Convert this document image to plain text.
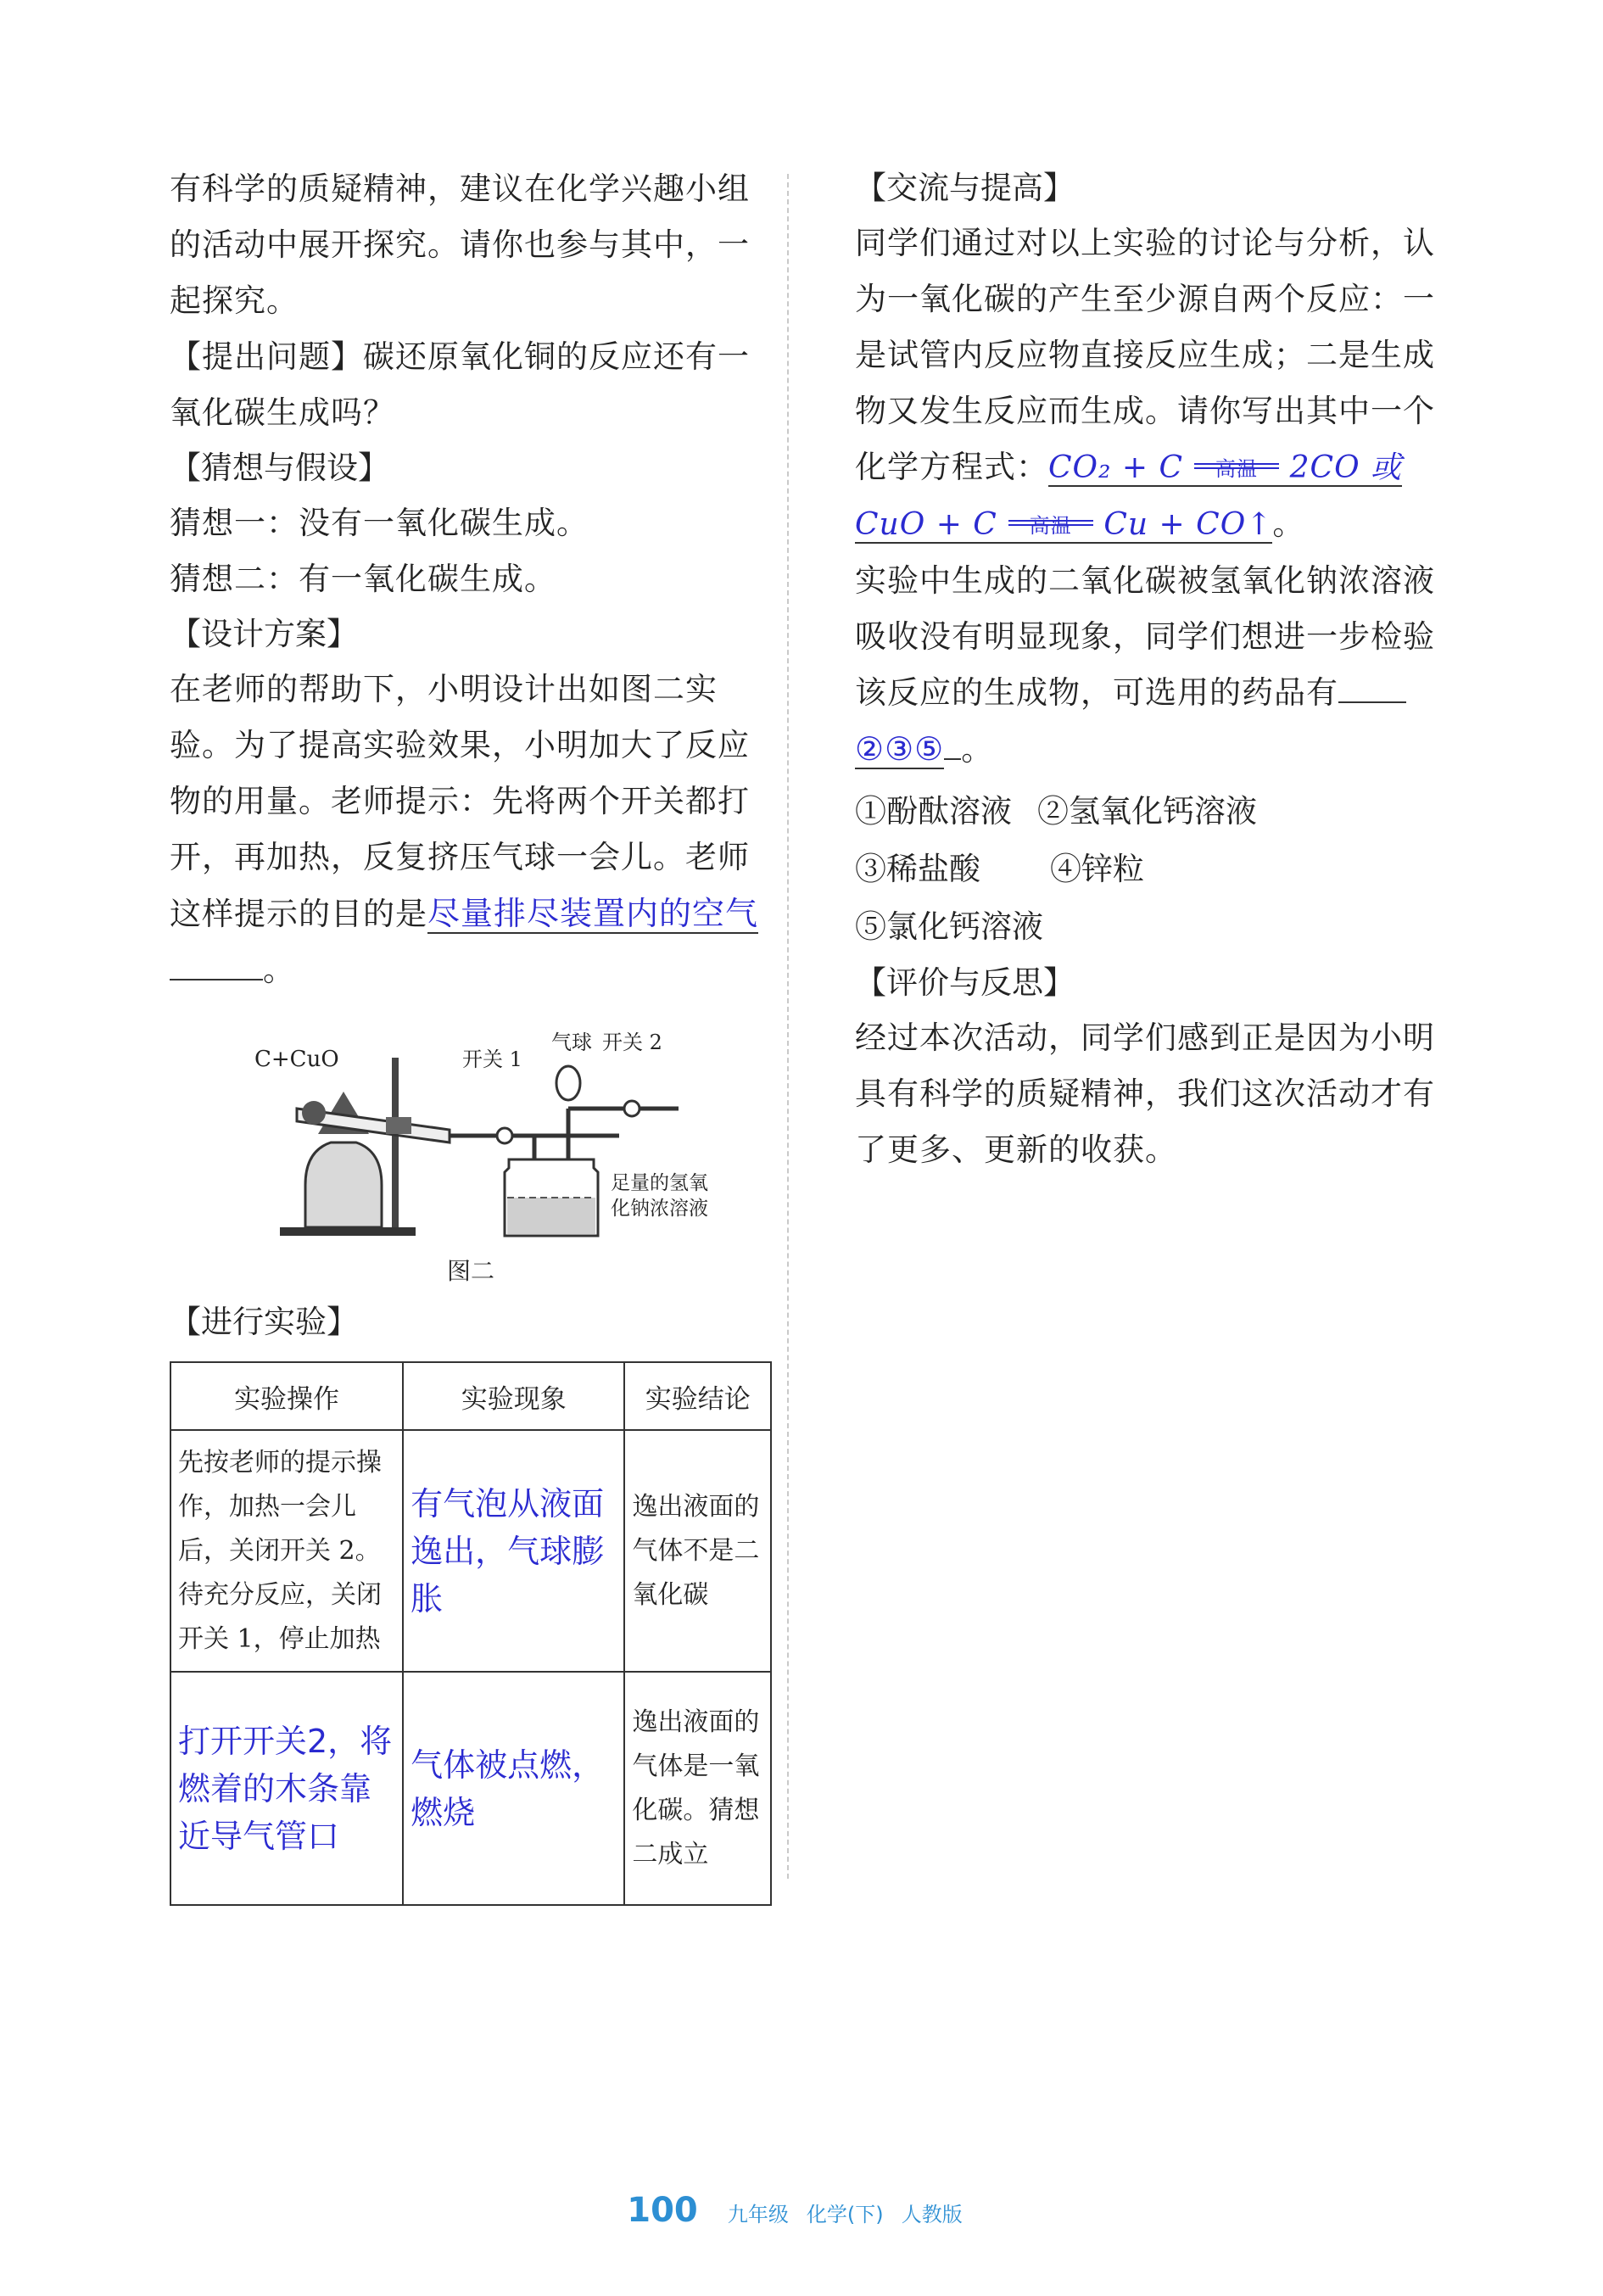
有科学的质疑精神，建议在化学兴趣小组的活动中展开探究。请你也参与其中，一起探究。

【提出问题】碳还原氧化铜的反应还有一氧化碳生成吗？

【猜想与假设】

猜想一：没有一氧化碳生成。

猜想二：有一氧化碳生成。

【设计方案】

在老师的帮助下，小明设计出如图二实验。为了提高实验效果，小明加大了反应物的用量。老师提示：先将两个开关都打开，再加热，反复挤压气球一会儿。老师这样提示的目的是尽量排尽装置内的空气。

C+CuO	开关 1
气球 开关 2
足量的氢氧
化钠浓溶液
图二

【进行实验】

实验操作	实验现象	实验结论
先按老师的提示操作，加热一会儿后，关闭开关 2。待充分反应，关闭开关 1，停止加热	有气泡从液面逸出，气球膨胀	逸出液面的气体不是二氧化碳
打开开关2，将燃着的木条靠近导气管口	气体被点燃，燃烧	逸出液面的气体是一氧化碳。猜想二成立

【交流与提高】

同学们通过对以上实验的讨论与分析，认为一氧化碳的产生至少源自两个反应：一是试管内反应物直接反应生成；二是生成物又发生反应而生成。请你写出其中一个化学方程式：CO₂ + C	高温	2CO 或

CuO + C	高温	Cu + CO↑。

实验中生成的二氧化碳被氢氧化钠浓溶液吸收没有明显现象，同学们想进一步检验该反应的生成物，可选用的药品有
②③⑤ 。

①酚酞溶液 ②氢氧化钙溶液

③稀盐酸 ④锌粒

⑤氯化钙溶液

【评价与反思】

经过本次活动，同学们感到正是因为小明具有科学的质疑精神，我们这次活动才有了更多、更新的收获。

100 九年级 化学(下) 人教版
